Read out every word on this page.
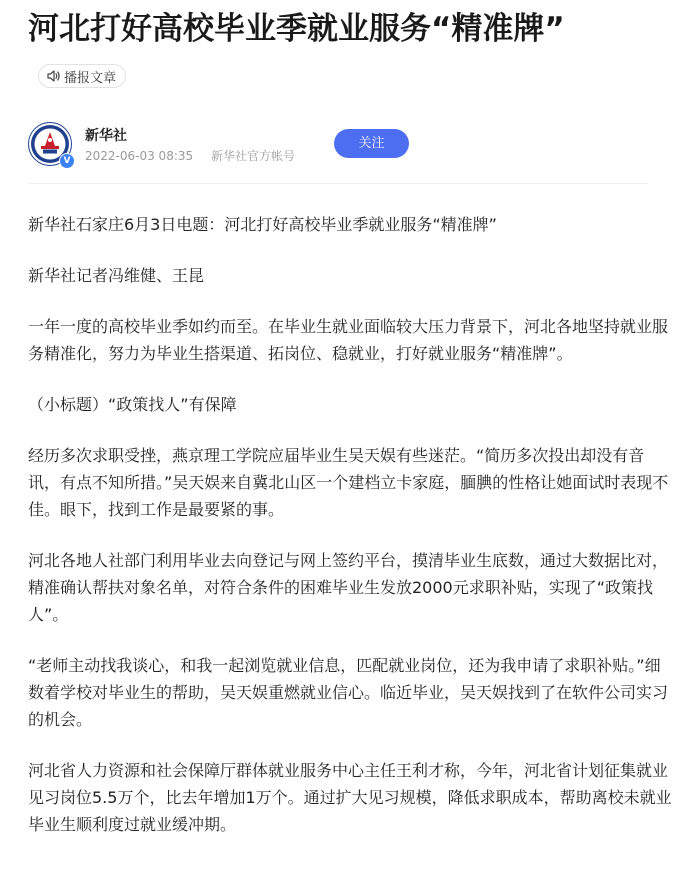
河北打好高校毕业季就业服务“精准牌”
播报文章
V
新华社
2022-06-03 08:35 新华社官方帐号
关注

新华社石家庄6月3日电题：河北打好高校毕业季就业服务“精准牌”

新华社记者冯维健、王昆

一年一度的高校毕业季如约而至。在毕业生就业面临较大压力背景下，河北各地坚持就业服务精准化，努力为毕业生搭渠道、拓岗位、稳就业，打好就业服务“精准牌”。

（小标题）“政策找人”有保障

经历多次求职受挫，燕京理工学院应届毕业生吴天娱有些迷茫。“简历多次投出却没有音讯，有点不知所措。”吴天娱来自冀北山区一个建档立卡家庭，腼腆的性格让她面试时表现不佳。眼下，找到工作是最要紧的事。

河北各地人社部门利用毕业去向登记与网上签约平台，摸清毕业生底数，通过大数据比对，精准确认帮扶对象名单，对符合条件的困难毕业生发放2000元求职补贴，实现了“政策找人”。

“老师主动找我谈心，和我一起浏览就业信息，匹配就业岗位，还为我申请了求职补贴。”细数着学校对毕业生的帮助，吴天娱重燃就业信心。临近毕业，吴天娱找到了在软件公司实习的机会。

河北省人力资源和社会保障厅群体就业服务中心主任王利才称，今年，河北省计划征集就业见习岗位5.5万个，比去年增加1万个。通过扩大见习规模，降低求职成本，帮助离校未就业毕业生顺利度过就业缓冲期。
